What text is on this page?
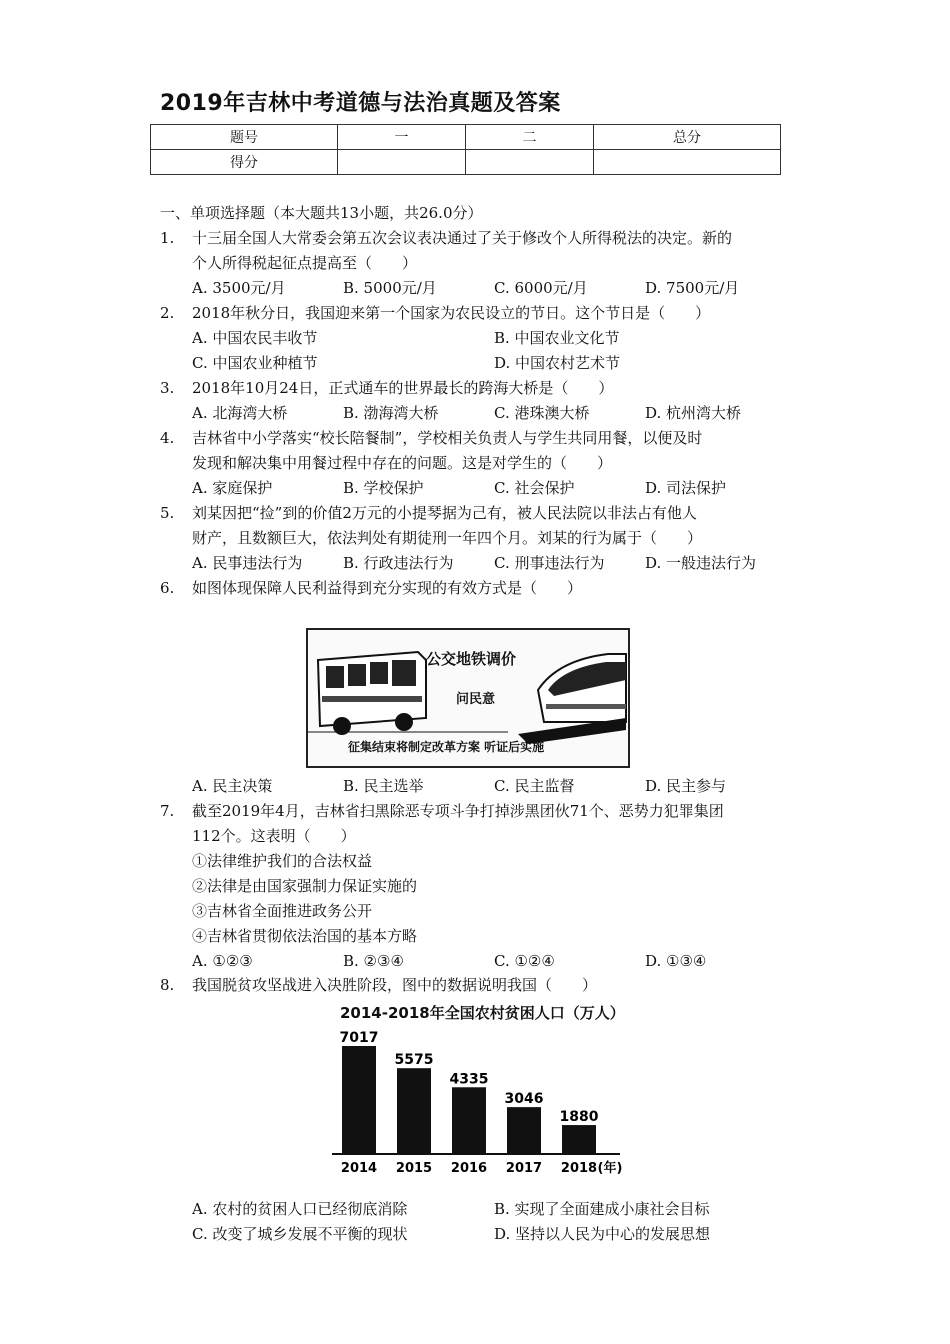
2019年吉林中考道德与法治真题及答案
题号	一	二	总分
得分			
一、单项选择题（本大题共13小题，共26.0分）
1.	十三届全国人大常委会第五次会议表决通过了关于修改个人所得税法的决定。新的
个人所得税起征点提高至（　　）
A. 3500元/月	B. 5000元/月	C. 6000元/月	D. 7500元/月
2.	2018年秋分日，我国迎来第一个国家为农民设立的节日。这个节日是（　　）
A. 中国农民丰收节	B. 中国农业文化节
C. 中国农业种植节	D. 中国农村艺术节
3.	2018年10月24日，正式通车的世界最长的跨海大桥是（　　）
A. 北海湾大桥	B. 渤海湾大桥	C. 港珠澳大桥	D. 杭州湾大桥
4.	吉林省中小学落实“校长陪餐制”，学校相关负责人与学生共同用餐，以便及时
发现和解决集中用餐过程中存在的问题。这是对学生的（　　）
A. 家庭保护	B. 学校保护	C. 社会保护	D. 司法保护
5.	刘某因把“捡”到的价值2万元的小提琴据为己有，被人民法院以非法占有他人
财产，且数额巨大，依法判处有期徒刑一年四个月。刘某的行为属于（　　）
A. 民事违法行为	B. 行政违法行为	C. 刑事违法行为	D. 一般违法行为
6.	如图体现保障人民利益得到充分实现的有效方式是（　　）
公交地铁调价
问民意
征集结束将制定改革方案 听证后实施
A. 民主决策	B. 民主选举	C. 民主监督	D. 民主参与
7.	截至2019年4月，吉林省扫黑除恶专项斗争打掉涉黑团伙71个、恶势力犯罪集团
112个。这表明（　　）
①法律维护我们的合法权益
②法律是由国家强制力保证实施的
③吉林省全面推进政务公开
④吉林省贯彻依法治国的基本方略
A. ①②③	B. ②③④	C. ①②④	D. ①③④
8.	我国脱贫攻坚战进入决胜阶段，图中的数据说明我国（　　）
2014-2018年全国农村贫困人口（万人）
7017
2014
5575
2015
4335
2016
3046
2017
1880
2018 (年)
A. 农村的贫困人口已经彻底消除	B. 实现了全面建成小康社会目标
C. 改变了城乡发展不平衡的现状	D. 坚持以人民为中心的发展思想
